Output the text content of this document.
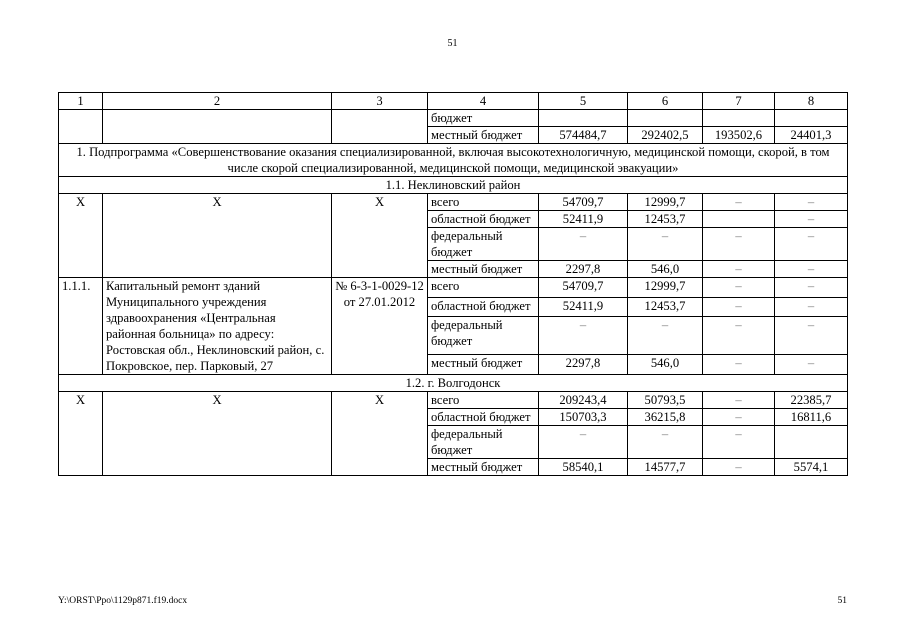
51
1	2	3	4	5	6	7	8
			бюджет				
			местный бюджет	574484,7	292402,5	193502,6	24401,3
1. Подпрограмма «Совершенствование оказания специализированной, включая высокотехнологичную, медицинской помощи, скорой, в том числе скорой специализированной, медицинской помощи, медицинской эвакуации»							
1.1. Неклиновский район							
Х	Х	Х	всего	54709,7	12999,7	–	–
			областной бюджет	52411,9	12453,7		–
			федеральный бюджет	–	–	–	–
			местный бюджет	2297,8	546,0	–	–
1.1.1.	Капитальный ремонт зданий Муниципального учреждения здравоохранения «Центральная районная больница» по адресу: Ростовская обл., Неклиновский район, с. Покровское, пер. Парковый, 27	№ 6-3-1-0029-12 от 27.01.2012	всего	54709,7	12999,7	–	–
			областной бюджет	52411,9	12453,7	–	–
			федеральный бюджет	–	–	–	–
			местный бюджет	2297,8	546,0	–	–
1.2. г. Волгодонск							
Х	Х	Х	всего	209243,4	50793,5	–	22385,7
			областной бюджет	150703,3	36215,8	–	16811,6
			федеральный бюджет	–	–	–	
			местный бюджет	58540,1	14577,7	–	5574,1
Y:\ORST\Ppo\1129p871.f19.docx	51
